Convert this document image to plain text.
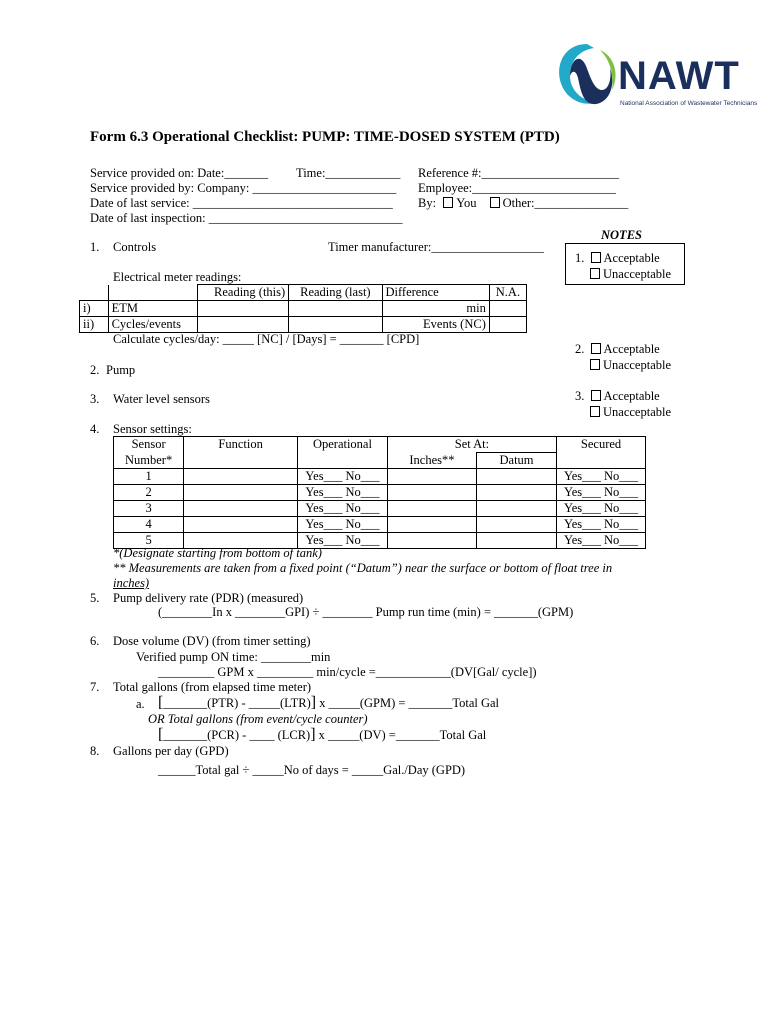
NAWT
National Association of Wastewater Technicians
Form 6.3 Operational Checklist: PUMP: TIME-DOSED SYSTEM (PTD)
Service provided on: Date:_______ Time:____________ Reference #:______________________
Service provided by: Company: _______________________ Employee:_______________________
Date of last service: ________________________________ By: You Other:_______________
Date of last inspection: _______________________________
NOTES
1. Acceptable
Unacceptable
2. Acceptable
Unacceptable
3. Acceptable
Unacceptable
1. Controls	Timer manufacturer:__________________
Electrical meter readings:
		Reading (this)	Reading (last)	Difference	N.A.
i)	ETM			min	
ii)	Cycles/events			Events (NC)	
Calculate cycles/day: _____ [NC] / [Days] = _______ [CPD]
2. Pump
3. Water level sensors
4. Sensor settings:
Sensor	Function	Operational	Set At:		Secured
Number*			Inches**	Datum	
1		Yes___ No___			Yes___ No___
2		Yes___ No___			Yes___ No___
3		Yes___ No___			Yes___ No___
4		Yes___ No___			Yes___ No___
5		Yes___ No___			Yes___ No___
*(Designate starting from bottom of tank)
** Measurements are taken from a fixed point (“Datum”) near the surface or bottom of float tree in
inches)
5. Pump delivery rate (PDR) (measured)
(________In x ________GPI) ÷ ________ Pump run time (min) = _______(GPM)
6. Dose volume (DV) (from timer setting)
Verified pump ON time: ________min
_________ GPM x _________ min/cycle =____________(DV[Gal/ cycle])
7. Total gallons (from elapsed time meter)
a. [_______(PTR) - _____(LTR)] x _____(GPM) = _______Total Gal
OR Total gallons (from event/cycle counter)
[_______(PCR) - ____ (LCR)] x _____(DV) =_______Total Gal
8. Gallons per day (GPD)
______Total gal ÷ _____No of days = _____Gal./Day (GPD)
